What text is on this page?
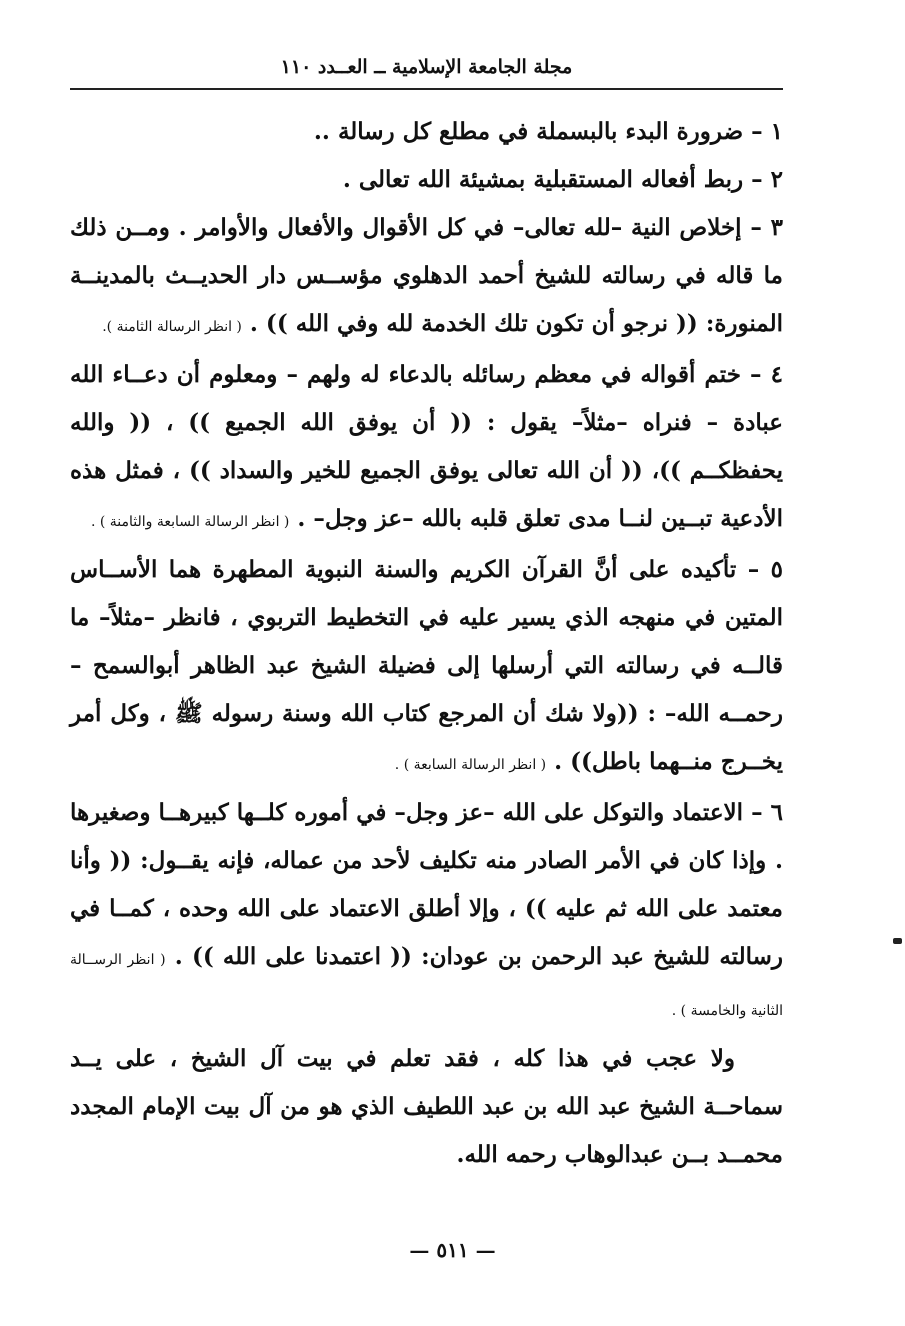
مجلة الجامعة الإسلامية ــ العــدد ١١٠

١ – ضرورة البدء بالبسملة في مطلع كل رسالة ..

٢ – ربط أفعاله المستقبلية بمشيئة الله تعالى .

٣ – إخلاص النية –لله تعالى– في كل الأقوال والأفعال والأوامر . ومــن ذلك ما قاله في رسالته للشيخ أحمد الدهلوي مؤســس دار الحديــث بالمدينــة المنورة: (( نرجو أن تكون تلك الخدمة لله وفي الله )) . ( انظر الرسالة الثامنة ).

٤ – ختم أقواله في معظم رسائله بالدعاء له ولهم – ومعلوم أن دعــاء الله عبادة – فنراه –مثلاً– يقول : (( أن يوفق الله الجميع )) ، (( والله يحفظكــم ))، (( أن الله تعالى يوفق الجميع للخير والسداد )) ، فمثل هذه الأدعية تبــين لنــا مدى تعلق قلبه بالله –عز وجل– . ( انظر الرسالة السابعة والثامنة ) .

٥ – تأكيده على أنَّ القرآن الكريم والسنة النبوية المطهرة هما الأســاس المتين في منهجه الذي يسير عليه في التخطيط التربوي ، فانظر –مثلاً– ما قالــه في رسالته التي أرسلها إلى فضيلة الشيخ عبد الظاهر أبوالسمح –رحمــه الله– : ((ولا شك أن المرجع كتاب الله وسنة رسوله ﷺ ، وكل أمر يخــرج منــهما باطل)) . ( انظر الرسالة السابعة ) .

٦ – الاعتماد والتوكل على الله –عز وجل– في أموره كلــها كبيرهــا وصغيرها . وإذا كان في الأمر الصادر منه تكليف لأحد من عماله، فإنه يقــول: (( وأنا معتمد على الله ثم عليه )) ، وإلا أطلق الاعتماد على الله وحده ، كمــا في رسالته للشيخ عبد الرحمن بن عودان: (( اعتمدنا على الله )) . ( انظر الرســالة الثانية والخامسة ) .

ولا عجب في هذا كله ، فقد تعلم في بيت آل الشيخ ، على يــد سماحــة الشيخ عبد الله بن عبد اللطيف الذي هو من آل بيت الإمام المجدد محمــد بــن عبدالوهاب رحمه الله.

— ٥١١ —
